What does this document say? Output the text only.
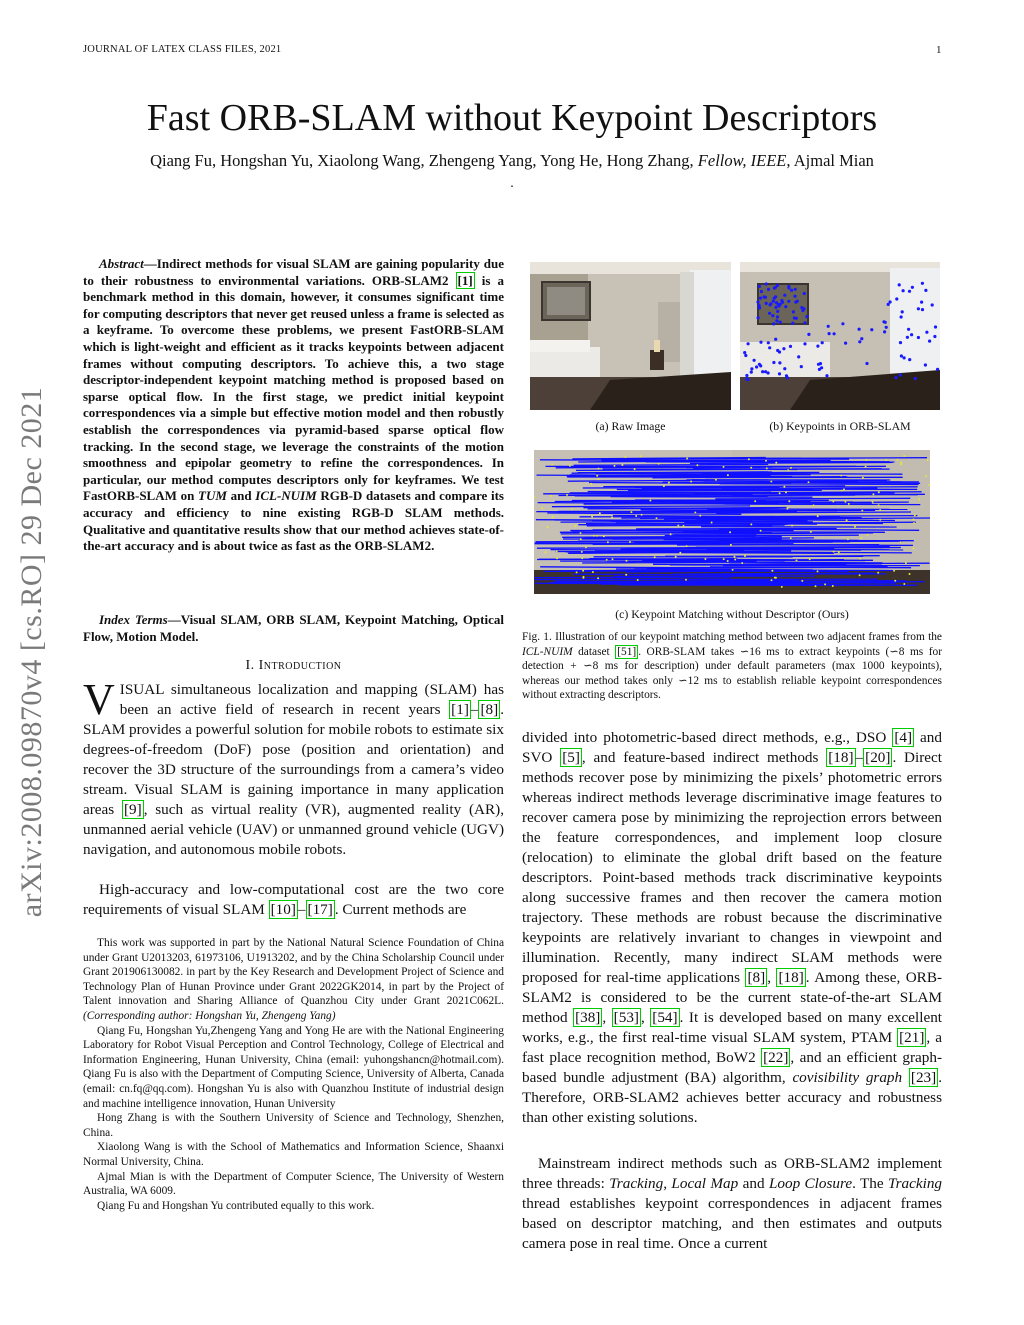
JOURNAL OF LATEX CLASS FILES, 2021	1
Fast ORB-SLAM without Keypoint Descriptors
Qiang Fu, Hongshan Yu, Xiaolong Wang, Zhengeng Yang, Yong He, Hong Zhang, Fellow, IEEE, Ajmal Mian
.
arXiv:2008.09870v4 [cs.RO] 29 Dec 2021
Abstract—Indirect methods for visual SLAM are gaining popularity due to their robustness to environmental variations. ORB-SLAM2 [1] is a benchmark method in this domain, however, it consumes significant time for computing descriptors that never get reused unless a frame is selected as a keyframe. To overcome these problems, we present FastORB-SLAM which is light-weight and efficient as it tracks keypoints between adjacent frames without computing descriptors. To achieve this, a two stage descriptor-independent keypoint matching method is proposed based on sparse optical flow. In the first stage, we predict initial keypoint correspondences via a simple but effective motion model and then robustly establish the correspondences via pyramid-based sparse optical flow tracking. In the second stage, we leverage the constraints of the motion smoothness and epipolar geometry to refine the correspondences. In particular, our method computes descriptors only for keyframes. We test FastORB-SLAM on TUM and ICL-NUIM RGB-D datasets and compare its accuracy and efficiency to nine existing RGB-D SLAM methods. Qualitative and quantitative results show that our method achieves state-of-the-art accuracy and is about twice as fast as the ORB-SLAM2.
Index Terms—Visual SLAM, ORB SLAM, Keypoint Matching, Optical Flow, Motion Model.
I. Introduction
VISUAL simultaneous localization and mapping (SLAM) has been an active field of research in recent years [1] – [8] . SLAM provides a powerful solution for mobile robots to estimate six degrees-of-freedom (DoF) pose (position and orientation) and recover the 3D structure of the surroundings from a camera’s video stream. Visual SLAM is gaining importance in many application areas [9] , such as virtual reality (VR), augmented reality (AR), unmanned aerial vehicle (UAV) or unmanned ground vehicle (UGV) navigation, and autonomous mobile robots.
High-accuracy and low-computational cost are the two core requirements of visual SLAM [10] – [17] . Current methods are

This work was supported in part by the National Natural Science Foundation of China under Grant U2013203, 61973106, U1913202, and by the China Scholarship Council under Grant 201906130082. in part by the Key Research and Development Project of Science and Technology Plan of Hunan Province under Grant 2022GK2014, in part by the Project of Talent innovation and Sharing Alliance of Quanzhou City under Grant 2021C062L. (Corresponding author: Hongshan Yu, Zhengeng Yang)

Qiang Fu, Hongshan Yu,Zhengeng Yang and Yong He are with the National Engineering Laboratory for Robot Visual Perception and Control Technology, College of Electrical and Information Engineering, Hunan University, China (email: yuhongshancn@hotmail.com). Qiang Fu is also with the Department of Computing Science, University of Alberta, Canada (email: cn.fq@qq.com). Hongshan Yu is also with Quanzhou Institute of industrial design and machine intelligence innovation, Hunan University

Hong Zhang is with the Southern University of Science and Technology, Shenzhen, China.

Xiaolong Wang is with the School of Mathematics and Information Science, Shaanxi Normal University, China.

Ajmal Mian is with the Department of Computer Science, The University of Western Australia, WA 6009.

Qiang Fu and Hongshan Yu contributed equally to this work.

(a) Raw Image	(b) Keypoints in ORB-SLAM
(c) Keypoint Matching without Descriptor (Ours)
Fig. 1. Illustration of our keypoint matching method between two adjacent frames from the ICL-NUIM dataset [51] . ORB-SLAM takes ∽16 ms to extract keypoints (∽8 ms for detection + ∽8 ms for description) under default parameters (max 1000 keypoints), whereas our method takes only ∽12 ms to establish reliable keypoint correspondences without extracting descriptors.
divided into photometric-based direct methods, e.g., DSO [4] and SVO [5] , and feature-based indirect methods [18] – [20] . Direct methods recover pose by minimizing the pixels’ photometric errors whereas indirect methods leverage discriminative image features to recover camera pose by minimizing the reprojection errors between the feature correspondences, and implement loop closure (relocation) to eliminate the global drift based on the feature descriptors. Point-based methods track discriminative keypoints along successive frames and then recover the camera motion trajectory. These methods are robust because the discriminative keypoints are relatively invariant to changes in viewpoint and illumination. Recently, many indirect SLAM methods were proposed for real-time applications [8] , [18] . Among these, ORB-SLAM2 is considered to be the current state-of-the-art SLAM method [38] , [53] , [54] . It is developed based on many excellent works, e.g., the first real-time visual SLAM system, PTAM [21] , a fast place recognition method, BoW2 [22] , and an efficient graph-based bundle adjustment (BA) algorithm, covisibility graph [23] . Therefore, ORB-SLAM2 achieves better accuracy and robustness than other existing solutions.
Mainstream indirect methods such as ORB-SLAM2 implement three threads: Tracking, Local Map and Loop Closure. The Tracking thread establishes keypoint correspondences in adjacent frames based on descriptor matching, and then estimates and outputs camera pose in real time. Once a current
